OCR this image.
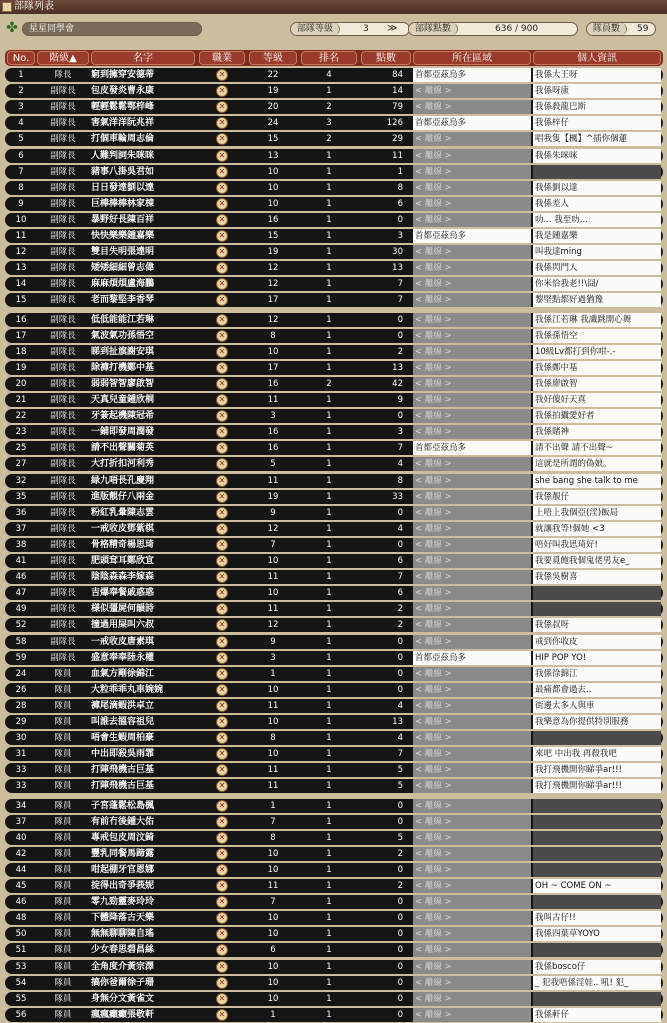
部隊列表
✤	星星同學會	部隊等級	3 ≫	部隊點數	636 / 900	隊員數 59
No.	階級▲	名字	職業	等級	排名	點數	所在區域	個人資訊
1	隊長	窮到擁穿安德蒂	✕	22	4	84	首都亞茲烏多	我係大王呀
2	副隊長	包皮發炎曹永康	✕	19	1	14	< 離線 >	我係呀康
3	副隊長	輕輕鬆鬆鄂梓峰	✕	20	2	79	< 離線 >	我係殺龍巴斯
4	副隊長	害氣洋洋阮兆祥	✕	24	3	126	首都亞茲烏多	我係梓仔
5	副隊長	打個車輪周志倫	✕	15	2	29	< 離線 >	唱我隻【楓】^插你個蓮
6	副隊長	人難判詞朱咪咪	✕	13	1	11	< 離線 >	我係朱咪咪
7	副隊長	豬事八掛吳君如	✕	10	1	1	< 離線 >
8	副隊長	日日發達劉以達	✕	10	1	8	< 離線 >	我係劉以達
9	副隊長	巨棒棒棒林家棟	✕	10	1	6	< 離線 >	我係差人
10	副隊長	暴野好長陳百祥	✕	16	1	0	< 離線 >	叻... 我至叻...
11	副隊長	快快樂樂鍾嘉樂	✕	15	1	3	首都亞茲烏多	我是鍾嘉樂
12	副隊長	雙目失明張達明	✕	19	1	30	< 離線 >	叫我達ming
13	副隊長	矮矮細細曾志偉	✕	12	1	13	< 離線 >	我係閃門人
14	副隊長	麻麻煩煩盧海鵬	✕	12	1	7	< 離線 >	你米恰我老!!\囧/
15	副隊長	老而黎堅李香琴	✕	17	1	7	< 離線 >	黎堅點都好過猶豫
16	副隊長	低低能能江若琳	✕	12	1	0	< 離線 >	我係江若琳 我識跳開心舞
17	副隊長	氣波氣功孫悟空	✕	8	1	0	< 離線 >	我係孫悟空
18	副隊長	睇到扯旗謝安琪	✕	10	1	2	< 離線 >	10級Lv都打到你咁-.-
19	副隊長	除褲打機鄭中基	✕	17	1	13	< 離線 >	我係鄭中基
20	副隊長	弱弱智智廖啟智	✕	16	2	42	< 離線 >	我係廖啟智
21	副隊長	天真兒童鍾欣桐	✕	11	1	9	< 離線 >	我好傻好天真
22	副隊長	牙簽起機陳冠希	✕	3	1	0	< 離線 >	我係拍攝愛好者
23	副隊長	一鋪即發周潤發	✕	16	1	3	< 離線 >	我係賭神
25	副隊長	請不出聲關菊英	✕	16	1	7	首都亞茲烏多	請不出聲 請不出聲~
27	副隊長	大打折扣河利秀	✕	5	1	4	< 離線 >	這就是所謂的偽娘。
32	副隊長	緑九唔長孔慶翔	✕	11	1	8	< 離線 >	she bang she talk to me
35	副隊長	進版靚仔八兩金	✕	19	1	33	< 離線 >	我係靚仔
36	副隊長	粉紅乳暈陳志雲	✕	9	1	0	< 離線 >	上唔上我個亞(淫)飯局
37	副隊長	一戒收皮鄧紫棋	✕	12	1	4	< 離線 >	就讓我等!個她 <3
38	副隊長	骨格精奇楊思琦	✕	7	1	0	< 離線 >	唔好叫我思琦好!
41	副隊長	肥頭耷耳鄭欣宜	✕	10	1	6	< 離線 >	我要覓飽我個鬼佬男友e_
46	副隊長	陰陰森森李嫁森	✕	11	1	7	< 離線 >	我係吳樹喜
47	副隊長	吉爆奉餐戚惑惑	✕	10	1	6	< 離線 >
49	副隊長	様似彊屍何韻詩	✕	11	1	2	< 離線 >
52	副隊長	撞過用屎叫六叔	✕	12	1	2	< 離線 >	我係叔呀
58	副隊長	一戒收皮唐素琪	✕	9	1	0	< 離線 >	戒到你收皮
59	副隊長	盛意奉奉陸永權	✕	3	1	0	首都亞茲烏多	HIP POP YO!
24	隊員	血氣方剛徐錦江	✕	1	1	0	< 離線 >	我係徐錦江
26	隊員	大粒乖乖丸車婉婉	✕	10	1	0	< 離線 >	最痛都會過去..
28	隊員	褲尾滴蝦洪卓立	✕	11	1	4	< 離線 >	街邊太多人與車
29	隊員	叫誰去搵容祖兒	✕	10	1	13	< 離線 >	我樂意為你提供特別服務
30	隊員	唔會生蝦周柏豪	✕	8	1	4	< 離線 >
31	隊員	中出即殺吳雨霏	✕	10	1	7	< 離線 >	來吧 中出我 再殺我吧
33	隊員	打陣飛機古巨基	✕	11	1	5	< 離線 >	我打飛機開你睇爭ar!!!
33	隊員	打陣飛機古巨基	✕	11	1	5	< 離線 >	我打飛機開你睇爭ar!!!
34	隊員	子宮蓬鬆松島楓	✕	1	1	0	< 離線 >
37	隊員	有前冇後鍾大佑	✕	7	1	0	< 離線 >
40	隊員	專戒包皮周汶錡	✕	8	1	5	< 離線 >
42	隊員	豐乳同餐馬蹄露	✕	10	1	2	< 離線 >
44	隊員	咁起棚牙官恩娜	✕	10	1	0	< 離線 >
45	隊員	掟得出奇爭莪妮	✕	11	1	2	< 離線 >	OH ~ COME ON ~
46	隊員	零九勁靈麥玲玲	✕	7	1	0	< 離線 >
48	隊員	下體降落古天樂	✕	10	1	0	< 離線 >	我叫古仔!!
50	隊員	無無聊聊陳自瑤	✕	10	1	0	< 離線 >	我係四葉草YOYO
51	隊員	少女春思碧昌絲	✕	6	1	0	< 離線 >
53	隊員	全角度介黃宗澤	✕	10	1	0	< 離線 >	我係bosco仔
54	隊員	搞你爸爾徐子珊	✕	10	1	0	< 離線 >	_ 犯我唔係淫娃.. 吼! 犯_
55	隊員	身無分文黃雀文	✕	10	1	0	< 離線 >
56	隊員	瘋瘋癲癲張敬軒	✕	1	1	0	< 離線 >	我係軒仔
